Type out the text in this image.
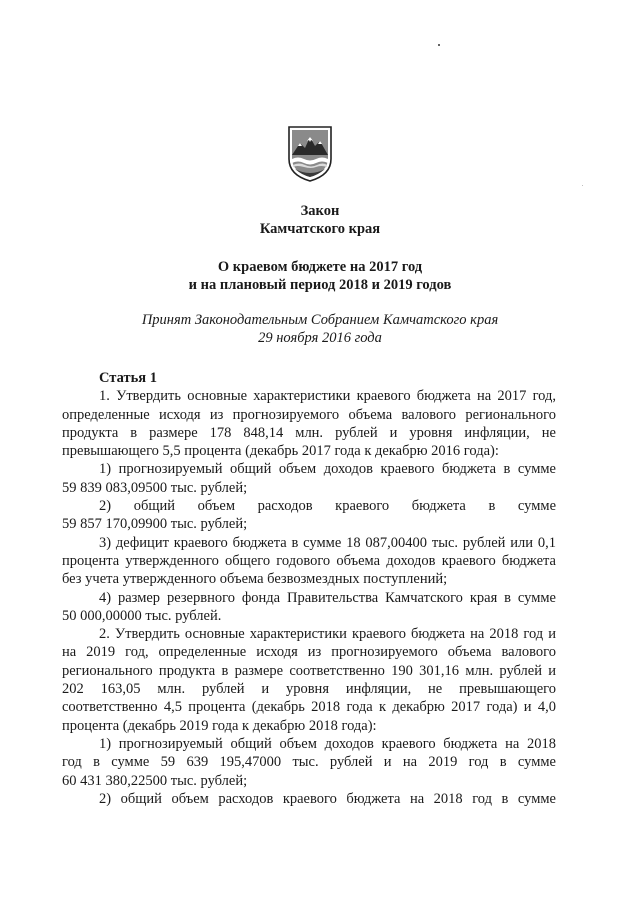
Закон
Камчатского края
О краевом бюджете на 2017 год
и на плановый период 2018 и 2019 годов
Принят Законодательным Собранием Камчатского края
29 ноября 2016 года
Статья 1
1. Утвердить основные характеристики краевого бюджета на 2017 год,
определенные исходя из прогнозируемого объема валового регионального
продукта в размере 178 848,14 млн. рублей и уровня инфляции, не
превышающего 5,5 процента (декабрь 2017 года к декабрю 2016 года):
1) прогнозируемый общий объем доходов краевого бюджета в сумме
59 839 083,09500 тыс. рублей;
2) общий объем расходов краевого бюджета в сумме
59 857 170,09900 тыс. рублей;
3) дефицит краевого бюджета в сумме 18 087,00400 тыс. рублей или 0,1
процента утвержденного общего годового объема доходов краевого бюджета
без учета утвержденного объема безвозмездных поступлений;
4) размер резервного фонда Правительства Камчатского края в сумме
50 000,00000 тыс. рублей.
2. Утвердить основные характеристики краевого бюджета на 2018 год и
на 2019 год, определенные исходя из прогнозируемого объема валового
регионального продукта в размере соответственно 190 301,16 млн. рублей и
202 163,05 млн. рублей и уровня инфляции, не превышающего
соответственно 4,5 процента (декабрь 2018 года к декабрю 2017 года) и 4,0
процента (декабрь 2019 года к декабрю 2018 года):
1) прогнозируемый общий объем доходов краевого бюджета на 2018
год в сумме 59 639 195,47000 тыс. рублей и на 2019 год в сумме
60 431 380,22500 тыс. рублей;
2) общий объем расходов краевого бюджета на 2018 год в сумме
